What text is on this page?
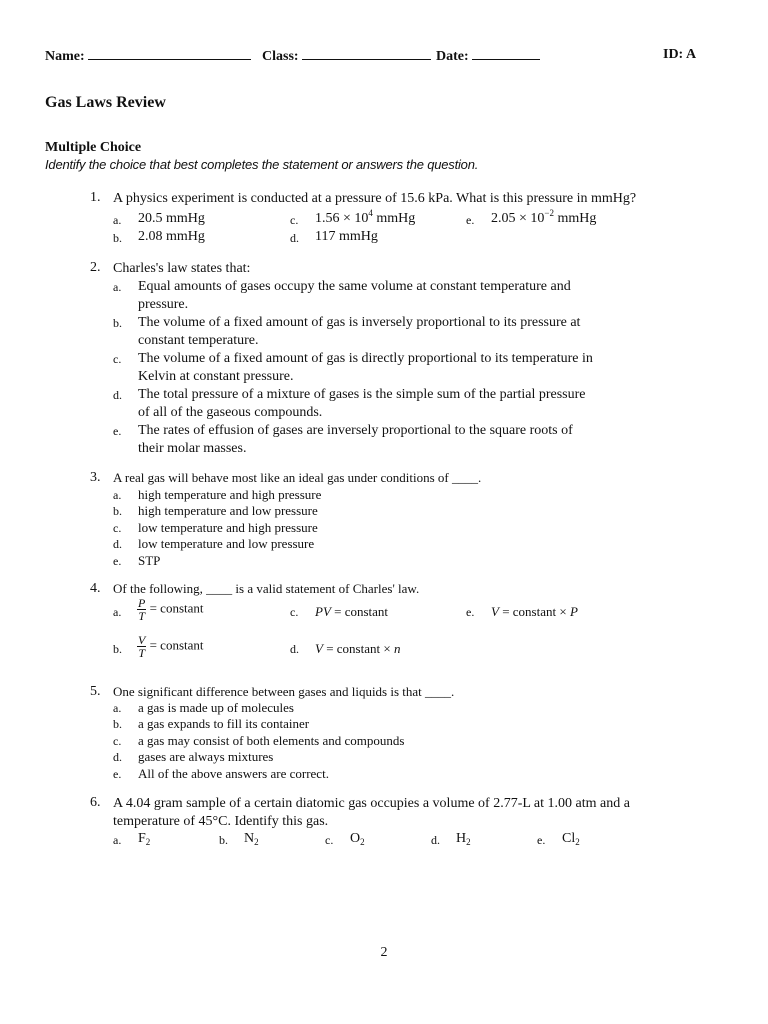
Name:	Class:	Date:	ID: A
Gas Laws Review
Multiple Choice
Identify the choice that best completes the statement or answers the question.
1. A physics experiment is conducted at a pressure of 15.6 kPa. What is this pressure in mmHg?
a. 20.5 mmHg
b. 2.08 mmHg
c. $1.56 \times 10^4$ mmHg
d. 117 mmHg
e. $2.05 \times 10^{-2}$ mmHg
2. Charles's law states that:
a. Equal amounts of gases occupy the same volume at constant temperature and
pressure.
b. The volume of a fixed amount of gas is inversely proportional to its pressure at
constant temperature.
c. The volume of a fixed amount of gas is directly proportional to its temperature in
Kelvin at constant pressure.
d. The total pressure of a mixture of gases is the simple sum of the partial pressure
of all of the gaseous compounds.
e. The rates of effusion of gases are inversely proportional to the square roots of
their molar masses.
3. A real gas will behave most like an ideal gas under conditions of ____.
a. high temperature and high pressure
b. high temperature and low pressure
c. low temperature and high pressure
d. low temperature and low pressure
e. STP
4. Of the following, ____ is a valid statement of Charles' law.
a. $\frac{P}{T}$ = constant
b. $\frac{V}{T}$ = constant
c. PV = constant
d. V = constant × n
e. V = constant × P
5. One significant difference between gases and liquids is that ____.
a. a gas is made up of molecules
b. a gas expands to fill its container
c. a gas may consist of both elements and compounds
d. gases are always mixtures
e. All of the above answers are correct.
6. A 4.04 gram sample of a certain diatomic gas occupies a volume of 2.77-L at 1.00 atm and a
temperature of 45°C. Identify this gas.
a. $F_2$	b. $N_2$	c. $O_2$	d. $H_2$	e. $Cl_2$
2
